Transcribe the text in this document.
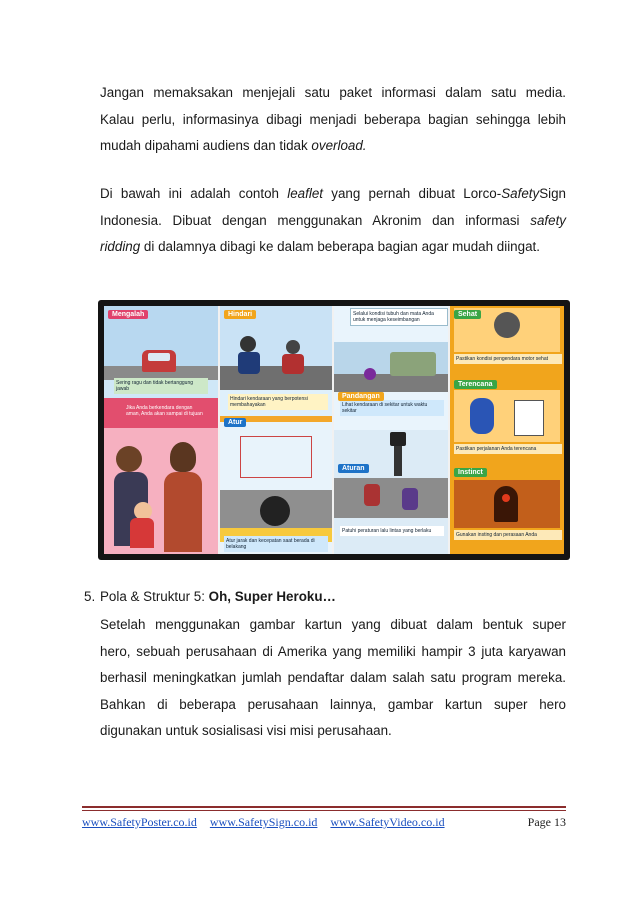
Jangan memaksakan menjejali satu paket informasi dalam satu media.
Kalau perlu, informasinya dibagi menjadi beberapa bagian sehingga lebih
mudah dipahami audiens dan tidak overload.
Di bawah ini adalah contoh leaflet yang pernah dibuat Lorco-SafetySign
Indonesia. Dibuat dengan menggunakan Akronim dan informasi safety
ridding di dalamnya dibagi ke dalam beberapa bagian agar mudah diingat.
Sering ragu dan tidak bertanggung jawab
Jika Anda berkendara dengan aman, Anda akan sampai di tujuan
Mengalah
Hindari kendaraan yang berpotensi membahayakan
Atur jarak dan kecepatan saat berada di belakang
Hindari
Atur
Selalui kondisi tubuh dan mata Anda untuk menjaga keseimbangan
Lihat kendaraan di sekitar untuk waktu sekitar
Patuhi peraturan lalu lintas yang berlaku
Pandangan
Aturan
Pastikan kondisi pengendara motor sehat
Pastikan perjalanan Anda terencana
Gunakan insting dan perasaan Anda
Sehat
Terencana
Instinct
5. Pola & Struktur 5: Oh, Super Heroku…
Setelah menggunakan gambar kartun yang dibuat dalam bentuk super
hero, sebuah perusahaan di Amerika yang memiliki hampir 3 juta karyawan
berhasil meningkatkan jumlah pendaftar dalam salah satu program mereka.
Bahkan di beberapa perusahaan lainnya, gambar kartun super hero
digunakan untuk sosialisasi visi misi perusahaan.
www.SafetyPoster.co.id www.SafetySign.co.id www.SafetyVideo.co.id	Page 13
